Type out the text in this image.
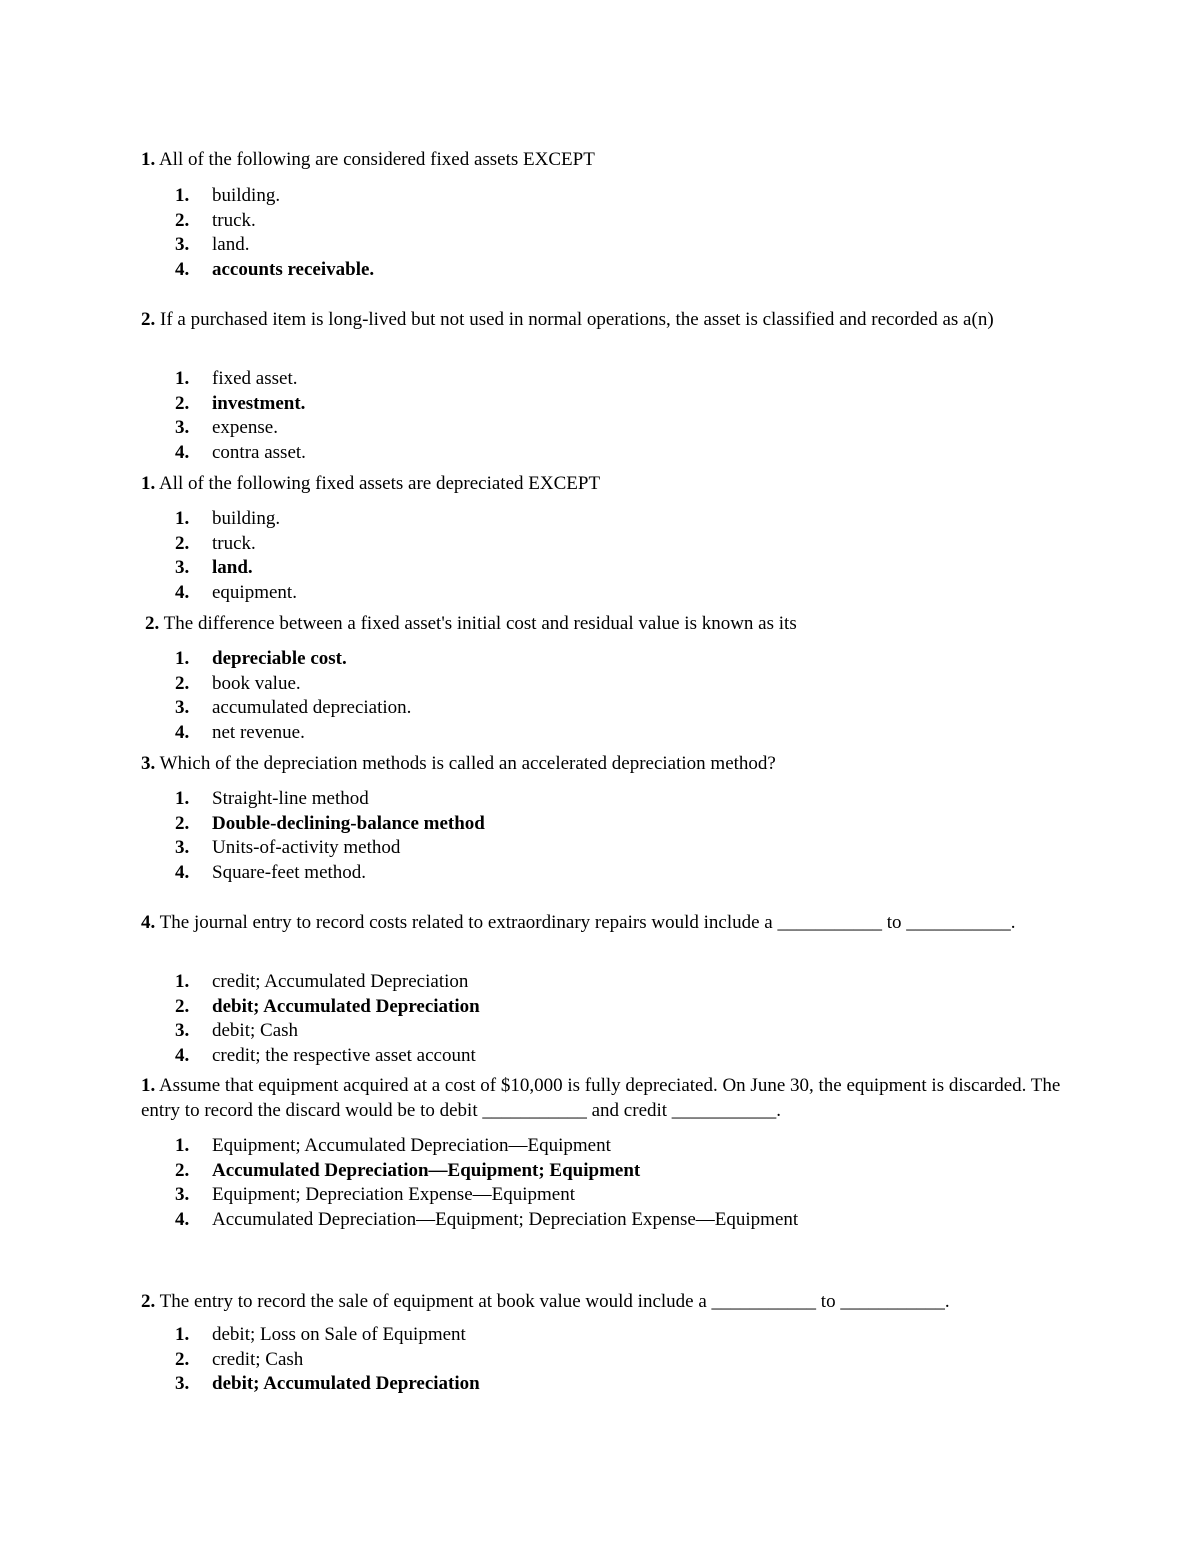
1. All of the following are considered fixed assets EXCEPT
1. building.
2. truck.
3. land.
4. accounts receivable.
2. If a purchased item is long-lived but not used in normal operations, the asset is classified and recorded as a(n)
1. fixed asset.
2. investment.
3. expense.
4. contra asset.
1. All of the following fixed assets are depreciated EXCEPT
1. building.
2. truck.
3. land.
4. equipment.
2. The difference between a fixed asset's initial cost and residual value is known as its
1. depreciable cost.
2. book value.
3. accumulated depreciation.
4. net revenue.
3. Which of the depreciation methods is called an accelerated depreciation method?
1. Straight-line method
2. Double-declining-balance method
3. Units-of-activity method
4. Square-feet method.
4. The journal entry to record costs related to extraordinary repairs would include a ___________ to ___________.
1. credit; Accumulated Depreciation
2. debit; Accumulated Depreciation
3. debit; Cash
4. credit; the respective asset account
1. Assume that equipment acquired at a cost of $10,000 is fully depreciated. On June 30, the equipment is discarded. The entry to record the discard would be to debit ___________ and credit ___________.
1. Equipment; Accumulated Depreciation—Equipment
2. Accumulated Depreciation—Equipment; Equipment
3. Equipment; Depreciation Expense—Equipment
4. Accumulated Depreciation—Equipment; Depreciation Expense—Equipment
2. The entry to record the sale of equipment at book value would include a ___________ to ___________.
1. debit; Loss on Sale of Equipment
2. credit; Cash
3. debit; Accumulated Depreciation
